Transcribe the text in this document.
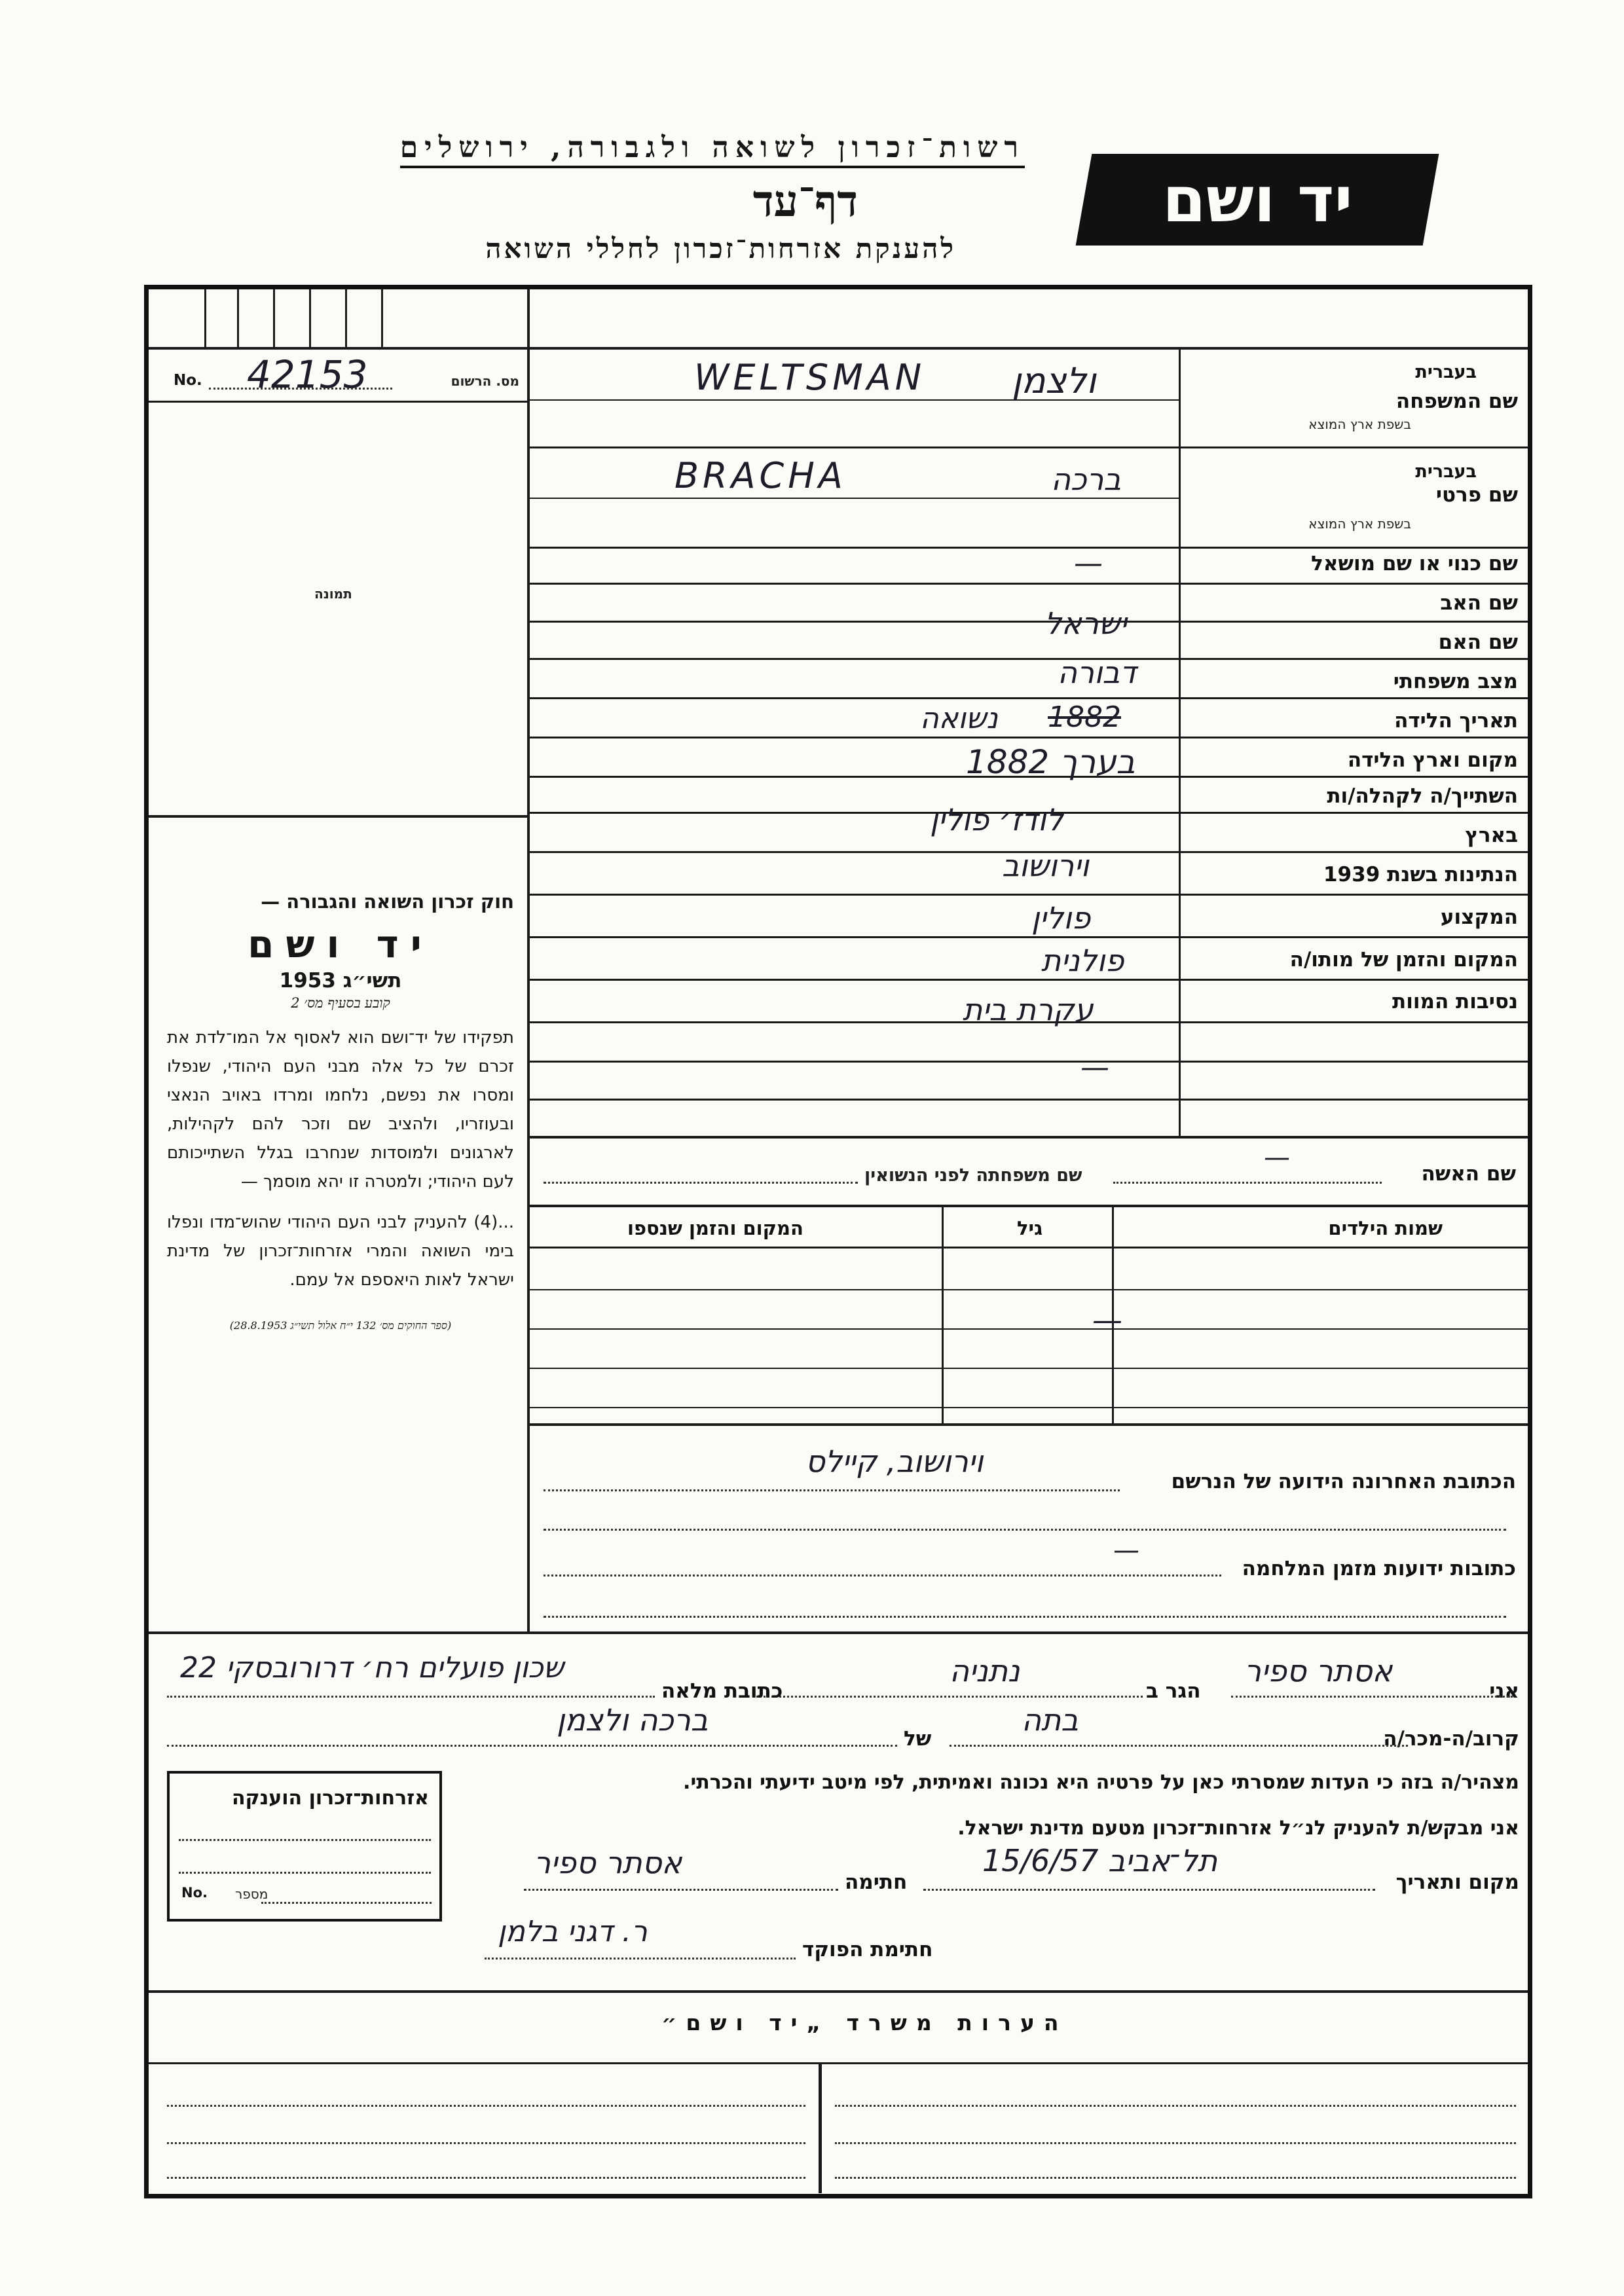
רשות־זכרון לשואה ולגבורה, ירושלים
דף־עד
להענקת אזרחות־זכרון לחללי השואה
יד ושם
No. 42153	מס. הרשום
תמונה
שם המשפחה
בעברית
בשפת ארץ המוצא
שם פרטי
בעברית
בשפת ארץ המוצא
שם כנוי או שם מושאל
שם האב
שם האם
מצב משפחתי
תאריך הלידה
מקום וארץ הלידה
השתייך/ה לקהלה/ות
בארץ
הנתינות בשנת 1939
המקצוע
המקום והזמן של מותו/ה
נסיבות המוות
WELTSMAN ולצמן
BRACHA	ברכה
—
ישראל
דבורה
1882
נשואה
בערך 1882
לודז׳ פולין
וירושוב
פולין
פולנית
עקרת בית
—
שם האשה
שם משפחתה לפני הנשואין
—
שמות הילדים
גיל
המקום והזמן שנספו
—
הכתובת האחרונה הידועה של הנרשם
וירושוב, קיילס
כתובות ידועות מזמן המלחמה
—
חוק זכרון השואה והגבורה —
יד ושם
תשי״ג 1953
קובע בסעיף מס׳ 2
תפקידו של יד־ושם הוא לאסוף אל המו־לדת את זכרם של כל אלה מבני העם היהודי, שנפלו ומסרו את נפשם, נלחמו ומרדו באויב הנאצי ובעוזריו, ולהציב שם וזכר להם לקהילות, לארגונים ולמוסדות שנחרבו בגלל השתייכותם לעם היהודי; ולמטרה זו יהא מוסמך —
...(4) להעניק לבני העם היהודי שהוש־מדו ונפלו בימי השואה והמרי אזרחות־זכרון של מדינת ישראל לאות היאספם אל עמם.
(ספר החוקים מס׳ 132 י״ח אלול תשי״ג 28.8.1953)
אני
אסתר ספיר
הגר ב
נתניה
כתובת מלאה
שכון פועלים רח׳ דרורובסקי 22
קרוב/ה-מכר/ה
בתה
של
ברכה ולצמן
מצהיר/ה בזה כי העדות שמסרתי כאן על פרטיה היא נכונה ואמיתית, לפי מיטב ידיעתי והכרתי.
אני מבקש/ת להעניק לנ״ל אזרחות־זכרון מטעם מדינת ישראל.
מקום ותאריך
תל־אביב 15/6/57
חתימה
אסתר ספיר
חתימת הפוקד
ר. דגני בלמן
אזרחות־זכרון הוענקה
No. מספר
הערות משרד „יד ושם״
